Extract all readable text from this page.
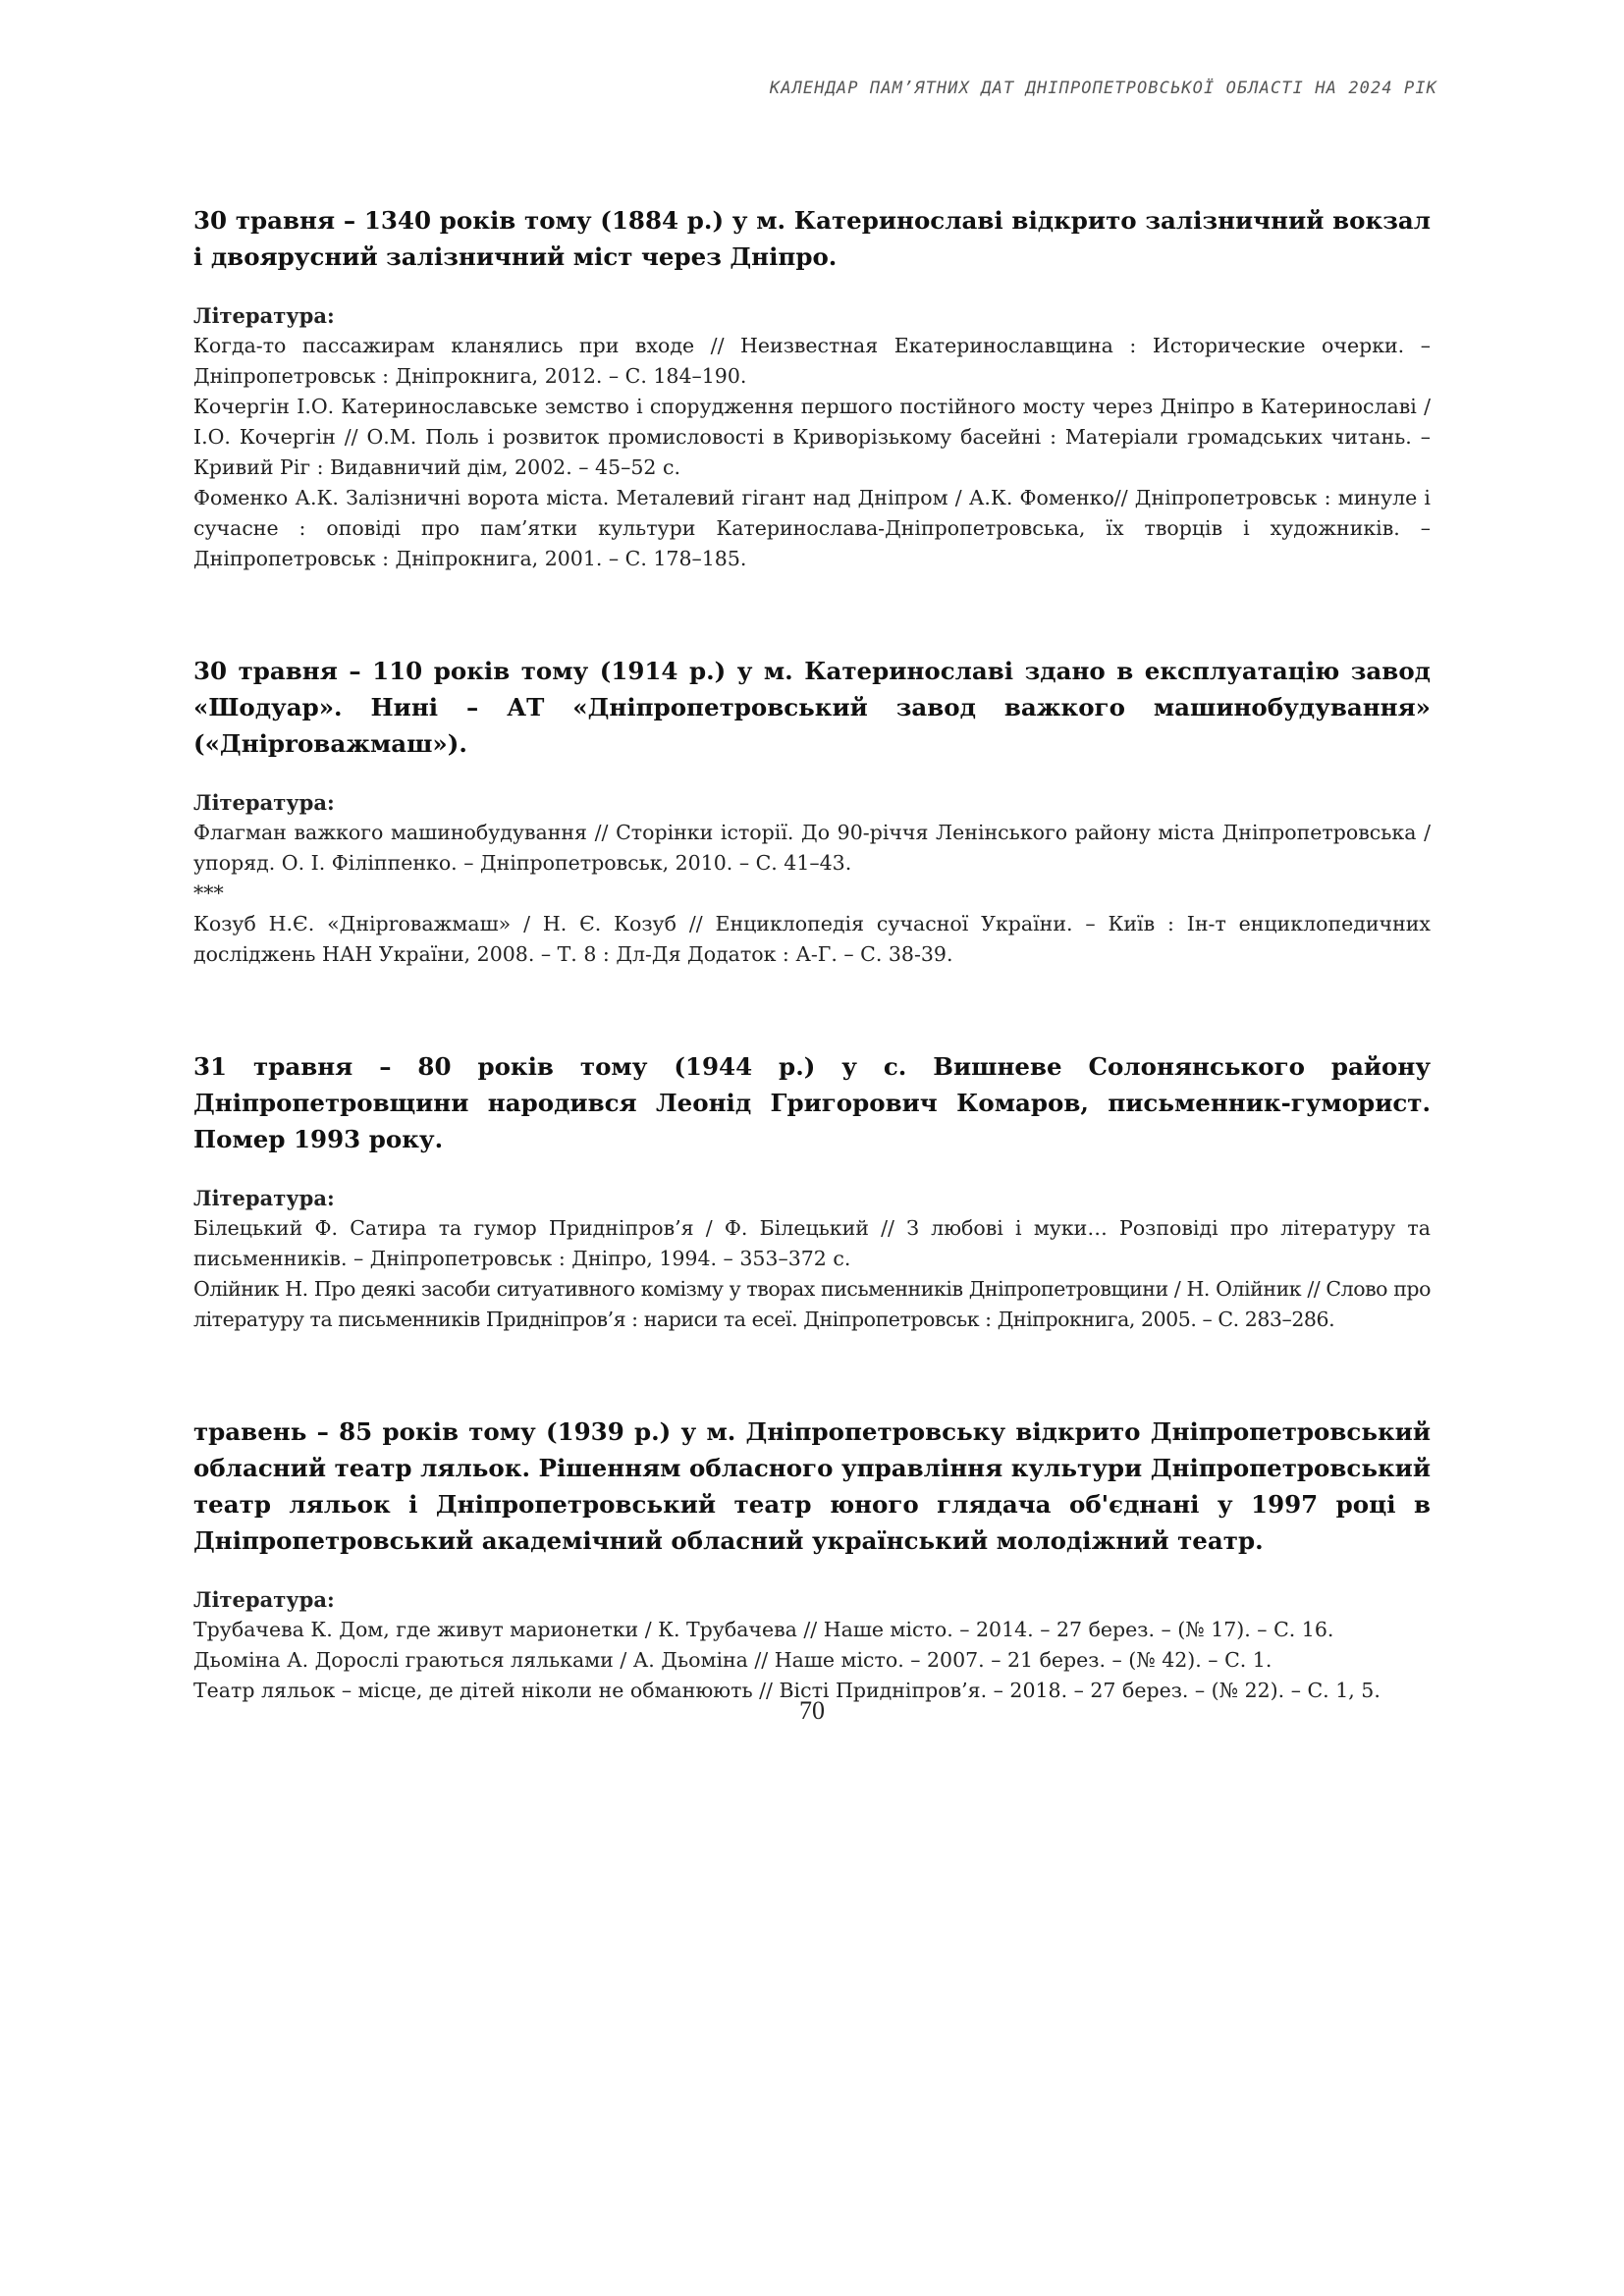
КАЛЕНДАР ПАМ’ЯТНИХ ДАТ ДНІПРОПЕТРОВСЬКОЇ ОБЛАСТІ НА 2024 РІК

30 травня – 1340 років тому (1884 р.) у м. Катеринославі відкрито залізничний вокзал і двоярусний залізничний міст через Дніпро.

Література:

Когда-то пассажирам кланялись при входе // Неизвестная Екатеринославщина : Исторические очерки. – Дніпропетровськ : Дніпрокнига, 2012. – С. 184–190.

Кочергін І.О. Катеринославське земство і спорудження першого постійного мосту через Дніпро в Катеринославі / І.О. Кочергін // О.М. Поль і розвиток промисловості в Криворізькому басейні : Матеріали громадських читань. – Кривий Ріг : Видавничий дім, 2002. – 45–52 с.

Фоменко А.К. Залізничні ворота міста. Металевий гігант над Дніпром / А.К. Фоменко// Дніпропетровськ : минуле і сучасне : оповіді про пам’ятки культури Катеринослава-Дніпропетровська, їх творців і художників. – Дніпропетровськ : Дніпрокнига, 2001. – С. 178–185.

30 травня – 110 років тому (1914 р.) у м. Катеринославі здано в експлуатацію завод «Шодуар». Нині – АТ «Дніпропетровський завод важкого машинобудування» («Дніproважмаш»).

Література:

Флагман важкого машинобудування // Сторінки історії. До 90-річчя Ленінського району міста Дніпропетровська / упоряд. О. І. Філіппенко. – Дніпропетровськ, 2010. – С. 41–43.

***

Козуб Н.Є. «Дніproважмаш» / Н. Є. Козуб // Енциклопедія сучасної України. – Київ : Ін-т енциклопедичних досліджень НАН України, 2008. – Т. 8 : Дл-Дя Додаток : А-Г. – С. 38-39.

31 травня – 80 років тому (1944 р.) у с. Вишневе Солонянського району Дніпропетровщини народився Леонід Григорович Комаров, письменник-гуморист. Помер 1993 року.

Література:

Білецький Ф. Сатира та гумор Придніпров’я / Ф. Білецький // З любові і муки… Розповіді про літературу та письменників. – Дніпропетровськ : Дніпро, 1994. – 353–372 с.

Олійник Н. Про деякі засоби ситуативного комізму у творах письменників Дніпропетровщини / Н. Олійник // Слово про літературу та письменників Придніпров’я : нариси та есеї. Дніпропетровськ : Дніпрокнига, 2005. – С. 283–286.

травень – 85 років тому (1939 р.) у м. Дніпропетровську відкрито Дніпропетровський обласний театр ляльок. Рішенням обласного управління культури Дніпропетровський театр ляльок і Дніпропетровський театр юного глядача об'єднані у 1997 році в Дніпропетровський академічний обласний український молодіжний театр.

Література:

Трубачева К. Дом, где живут марионетки / К. Трубачева // Наше місто. – 2014. – 27 берез. – (№ 17). – С. 16.

Дьоміна А. Дорослі граються ляльками / А. Дьоміна // Наше місто. – 2007. – 21 берез. – (№ 42). – С. 1.

Театр ляльок – місце, де дітей ніколи не обманюють // Вісті Придніпров’я. – 2018. – 27 берез. – (№ 22). – С. 1, 5.

70
